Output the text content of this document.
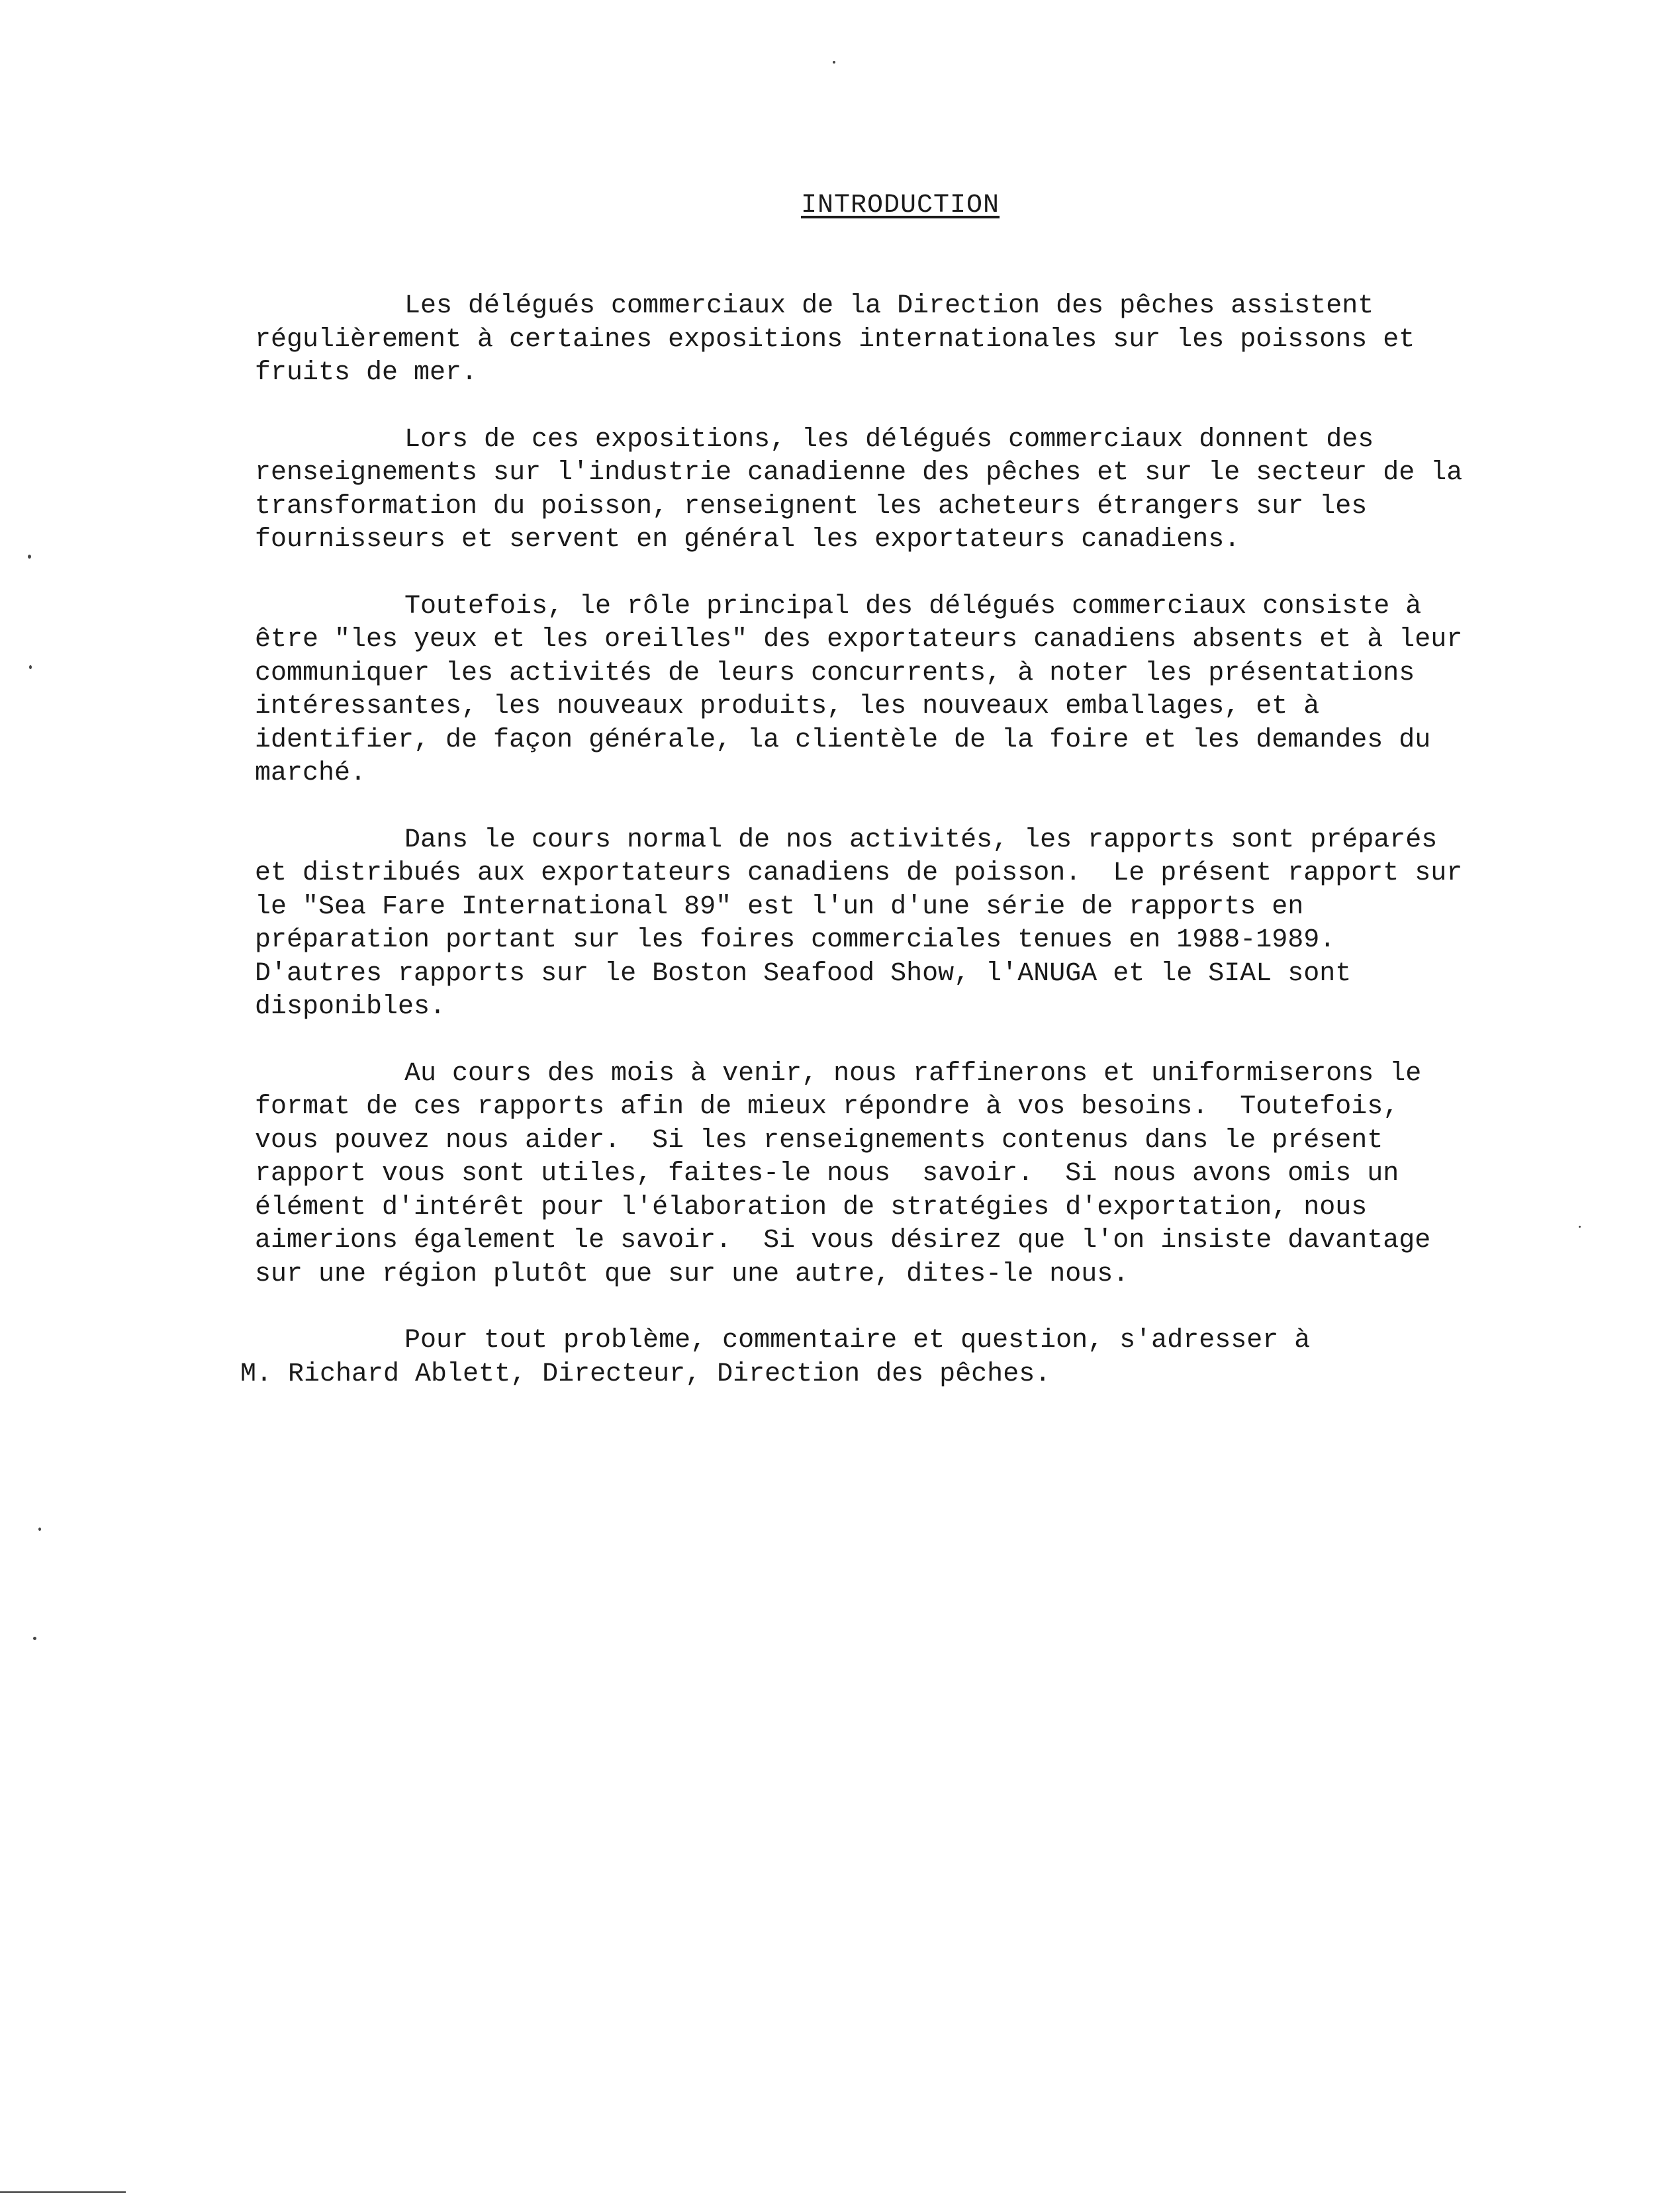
INTRODUCTION

Les délégués commerciaux de la Direction des pêches assistent
régulièrement à certaines expositions internationales sur les poissons et
fruits de mer.

Lors de ces expositions, les délégués commerciaux donnent des
renseignements sur l'industrie canadienne des pêches et sur le secteur de la
transformation du poisson, renseignent les acheteurs étrangers sur les
fournisseurs et servent en général les exportateurs canadiens.

Toutefois, le rôle principal des délégués commerciaux consiste à
être "les yeux et les oreilles" des exportateurs canadiens absents et à leur
communiquer les activités de leurs concurrents, à noter les présentations
intéressantes, les nouveaux produits, les nouveaux emballages, et à
identifier, de façon générale, la clientèle de la foire et les demandes du
marché.

Dans le cours normal de nos activités, les rapports sont préparés
et distribués aux exportateurs canadiens de poisson.  Le présent rapport sur
le "Sea Fare International 89" est l'un d'une série de rapports en
préparation portant sur les foires commerciales tenues en 1988-1989.
D'autres rapports sur le Boston Seafood Show, l'ANUGA et le SIAL sont
disponibles.

Au cours des mois à venir, nous raffinerons et uniformiserons le
format de ces rapports afin de mieux répondre à vos besoins.  Toutefois,
vous pouvez nous aider.  Si les renseignements contenus dans le présent
rapport vous sont utiles, faites-le nous  savoir.  Si nous avons omis un
élément d'intérêt pour l'élaboration de stratégies d'exportation, nous
aimerions également le savoir.  Si vous désirez que l'on insiste davantage
sur une région plutôt que sur une autre, dites-le nous.

Pour tout problème, commentaire et question, s'adresser à
M. Richard Ablett, Directeur, Direction des pêches.
